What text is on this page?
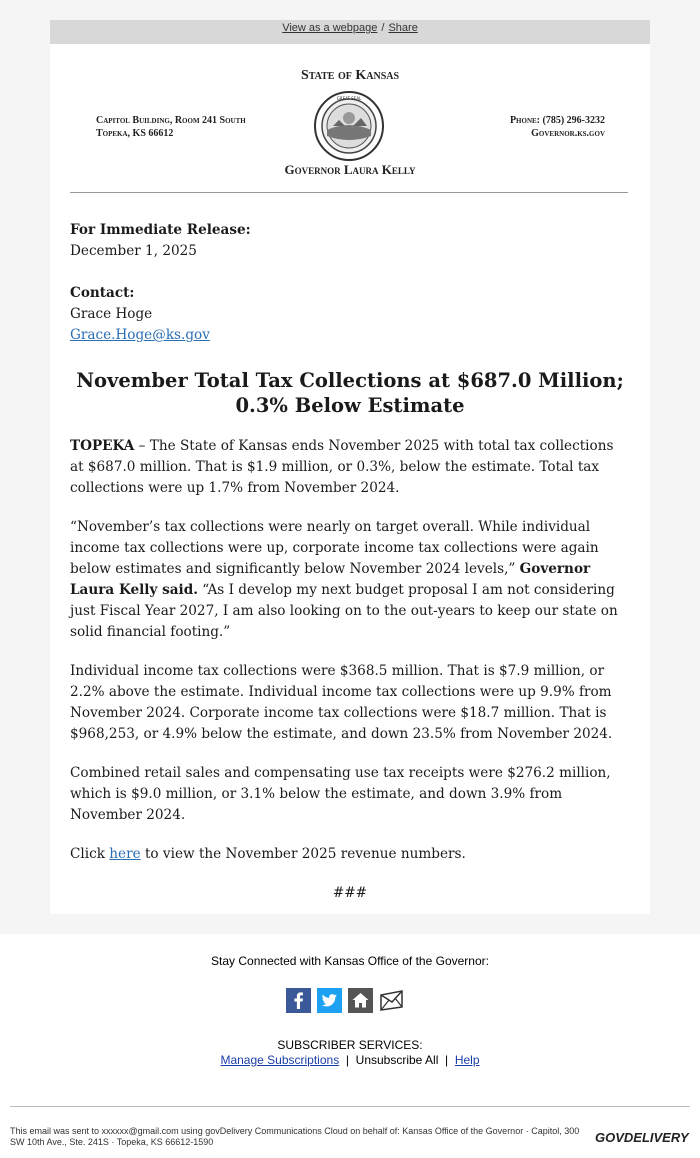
View as a webpage / Share
State of Kansas
Capitol Building, Room 241 South
Topeka, KS 66612
GREAT SEAL
Phone: (785) 296-3232
Governor.ks.gov
Governor Laura Kelly

For Immediate Release:

December 1, 2025

Contact:

Grace Hoge

Grace.Hoge@ks.gov

November Total Tax Collections at $687.0 Million; 0.3% Below Estimate

TOPEKA – The State of Kansas ends November 2025 with total tax collections at $687.0 million. That is $1.9 million, or 0.3%, below the estimate. Total tax collections were up 1.7% from November 2024.

“November’s tax collections were nearly on target overall. While individual income tax collections were up, corporate income tax collections were again below estimates and significantly below November 2024 levels,” Governor Laura Kelly said. “As I develop my next budget proposal I am not considering just Fiscal Year 2027, I am also looking on to the out-years to keep our state on solid financial footing.”

Individual income tax collections were $368.5 million. That is $7.9 million, or 2.2% above the estimate. Individual income tax collections were up 9.9% from November 2024. Corporate income tax collections were $18.7 million. That is $968,253, or 4.9% below the estimate, and down 23.5% from November 2024.

Combined retail sales and compensating use tax receipts were $276.2 million, which is $9.0 million, or 3.1% below the estimate, and down 3.9% from November 2024.

Click here to view the November 2025 revenue numbers.

###

Stay Connected with Kansas Office of the Governor:
SUBSCRIBER SERVICES:
Manage Subscriptions | Unsubscribe All | Help
This email was sent to xxxxxx@gmail.com using govDelivery Communications Cloud on behalf of: Kansas Office of the Governor · Capitol, 300 SW 10th Ave., Ste. 241S · Topeka, KS 66612-1590	GOVDELIVERY
